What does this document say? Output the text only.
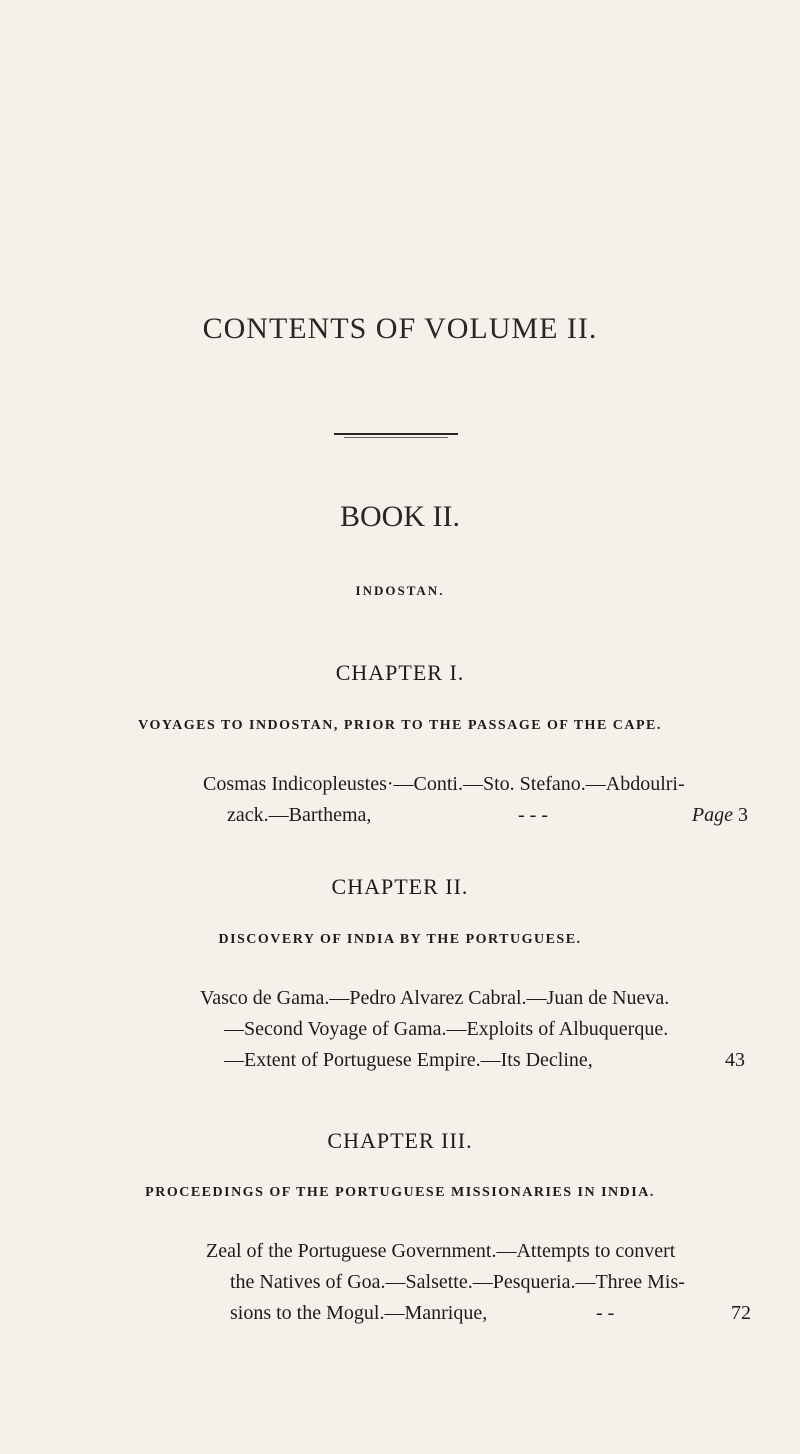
CONTENTS OF VOLUME II.
BOOK II.
INDOSTAN.
CHAPTER I.
VOYAGES TO INDOSTAN, PRIOR TO THE PASSAGE OF THE CAPE.
Cosmas Indicopleustes·—Conti.—Sto. Stefano.—Abdoulri-
zack.—Barthema,	- - -	Page 3
CHAPTER II.
DISCOVERY OF INDIA BY THE PORTUGUESE.
Vasco de Gama.—Pedro Alvarez Cabral.—Juan de Nueva.
—Second Voyage of Gama.—Exploits of Albuquerque.
—Extent of Portuguese Empire.—Its Decline,	43
CHAPTER III.
PROCEEDINGS OF THE PORTUGUESE MISSIONARIES IN INDIA.
Zeal of the Portuguese Government.—Attempts to convert
the Natives of Goa.—Salsette.—Pesqueria.—Three Mis-
sions to the Mogul.—Manrique,	- -	72
